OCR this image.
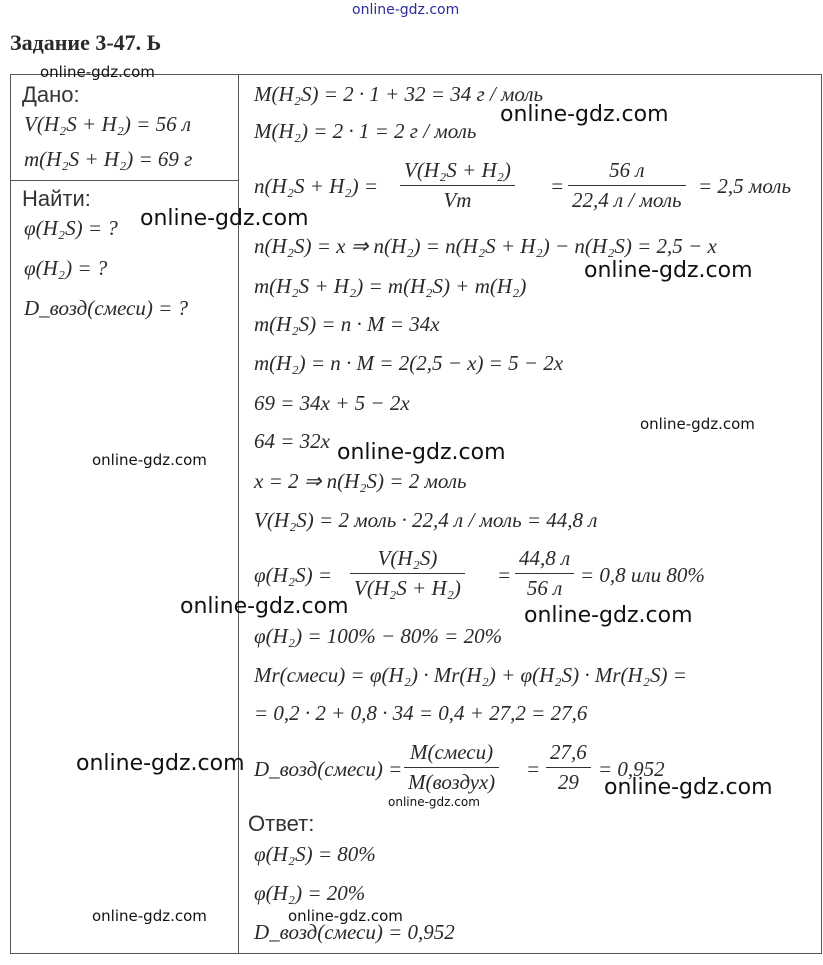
online-gdz.com
Задание 3-47. Ь
Дано:
V(H₂S + H₂) = 56 л
m(H₂S + H₂) = 69 г
Найти:
φ(H₂S) = ?
φ(H₂) = ?
D_возд(смеси) = ?
M(H₂S) = 2 · 1 + 32 = 34 г / моль
M(H₂) = 2 · 1 = 2 г / моль
$n(H_2S + H_2) = \frac{\text{V(H₂S + H₂)}}{Vm}$ =
56 л
22,4 л / моль
= 2,5 моль
n(H₂S) = x ⇒ n(H₂) = n(H₂S + H₂) − n(H₂S) = 2,5 − x
m(H₂S + H₂) = m(H₂S) + m(H₂)
m(H₂S) = n · M = 34x
m(H₂) = n · M = 2(2,5 − x) = 5 − 2x
69 = 34x + 5 − 2x
64 = 32x
x = 2 ⇒ n(H₂S) = 2 моль
V(H₂S) = 2 моль · 22,4 л / моль = 44,8 л
$\varphi(H_2S) = \frac{\text{V(H₂S)}}{\text{V(H₂S + H₂)}}$ =
44,8 л
56 л
= 0,8 или 80%
φ(H₂) = 100% − 80% = 20%
Mr(смеси) = φ(H₂) · Mr(H₂) + φ(H₂S) · Mr(H₂S) =
= 0,2 · 2 + 0,8 · 34 = 0,4 + 27,2 = 27,6
D_возд(смеси) =
M(смеси)
M(воздух)
= $\frac{27,6}{29} = 0,952$
Ответ:
φ(H₂S) = 80%
φ(H₂) = 20%
D_возд(смеси) = 0,952
online-gdz.com
online-gdz.com
online-gdz.com
online-gdz.com
online-gdz.com
online-gdz.com
online-gdz.com
online-gdz.com	online-gdz.com
online-gdz.com
online-gdz.com
online-gdz.com
online-gdz.com	online-gdz.com
